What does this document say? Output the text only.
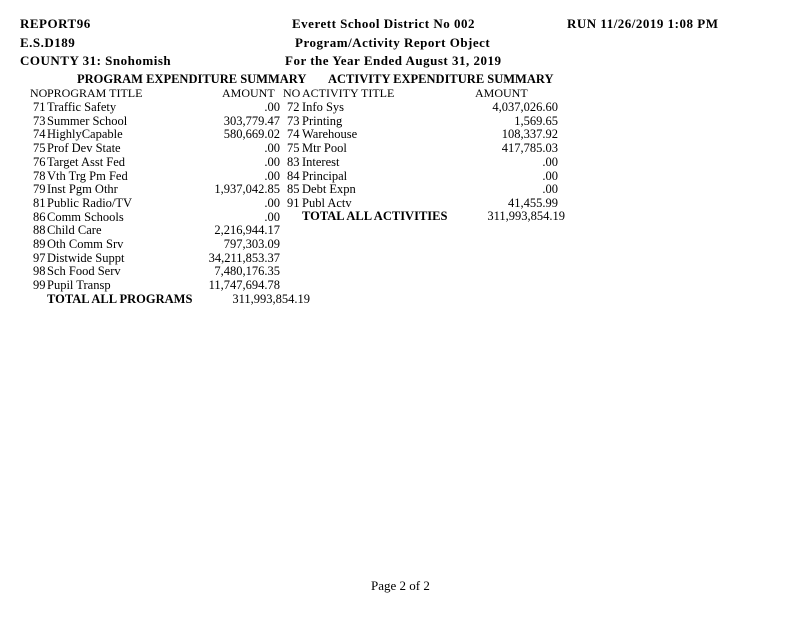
REPORT96	Everett School District No 002	RUN 11/26/2019 1:08 PM
E.S.D189	Program/Activity Report Object
COUNTY 31: Snohomish	For the Year Ended August 31, 2019
PROGRAM EXPENDITURE SUMMARY
NO PROGRAM TITLE	AMOUNT
71 Traffic Safety	.00
73 Summer School	303,779.47
74 HighlyCapable	580,669.02
75 Prof Dev State	.00
76 Target Asst Fed	.00
78 Vth Trg Pm Fed	.00
79 Inst Pgm Othr	1,937,042.85
81 Public Radio/TV	.00
86 Comm Schools	.00
88 Child Care	2,216,944.17
89 Oth Comm Srv	797,303.09
97 Distwide Suppt	34,211,853.37
98 Sch Food Serv	7,480,176.35
99 Pupil Transp	11,747,694.78
TOTAL ALL PROGRAMS	311,993,854.19
ACTIVITY EXPENDITURE SUMMARY
NO ACTIVITY TITLE	AMOUNT
72 Info Sys	4,037,026.60
73 Printing	1,569.65
74 Warehouse	108,337.92
75 Mtr Pool	417,785.03
83 Interest	.00
84 Principal	.00
85 Debt Expn	.00
91 Publ Actv	41,455.99
TOTAL ALL ACTIVITIES	311,993,854.19
Page 2 of 2
